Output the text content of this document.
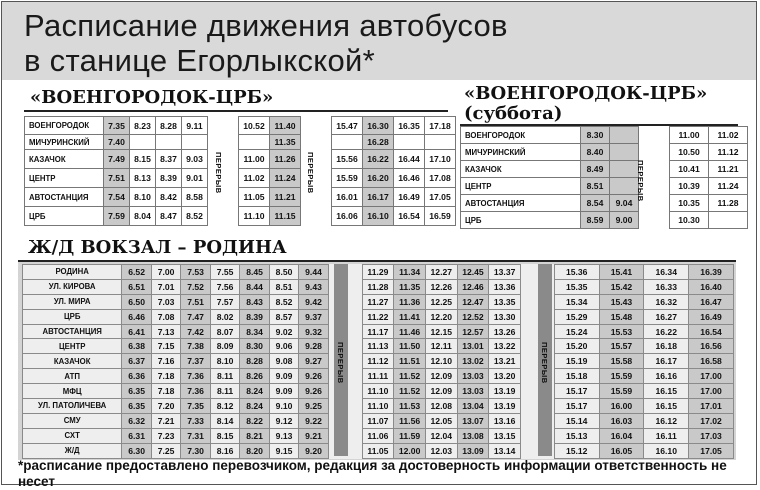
Расписание движения автобусов
в станице Егорлыкской*
«ВОЕНГОРОДОК-ЦРБ»
ВОЕНГОРОДОК	7.35	8.23	8.28	9.11		10.52	11.40		15.47	16.30	16.35	17.18
МИЧУРИНСКИЙ	7.40						11.35			16.28		
КАЗАЧОК	7.49	8.15	8.37	9.03		11.00	11.26		15.56	16.22	16.44	17.10
ЦЕНТР	7.51	8.13	8.39	9.01		11.02	11.24		15.59	16.20	16.46	17.08
АВТОСТАНЦИЯ	7.54	8.10	8.42	8.58		11.05	11.21		16.01	16.17	16.49	17.05
ЦРБ	7.59	8.04	8.47	8.52		11.10	11.15		16.06	16.10	16.54	16.59
«ВОЕНГОРОДОК-ЦРБ»
(суббота)
ВОЕНГОРОДОК	8.30			11.00	11.02
МИЧУРИНСКИЙ	8.40			10.50	11.12
КАЗАЧОК	8.49			10.41	11.21
ЦЕНТР	8.51			10.39	11.24
АВТОСТАНЦИЯ	8.54	9.04		10.35	11.28
ЦРБ	8.59	9.00		10.30	
Ж/Д ВОКЗАЛ – РОДИНА
РОДИНА	6.52	7.00	7.53	7.55	8.45	8.50	9.44		11.29	11.34	12.27	12.45	13.37		15.36	15.41	16.34	16.39
УЛ. КИРОВА	6.51	7.01	7.52	7.56	8.44	8.51	9.43		11.28	11.35	12.26	12.46	13.36		15.35	15.42	16.33	16.40
УЛ. МИРА	6.50	7.03	7.51	7.57	8.43	8.52	9.42		11.27	11.36	12.25	12.47	13.35		15.34	15.43	16.32	16.47
ЦРБ	6.46	7.08	7.47	8.02	8.39	8.57	9.37		11.22	11.41	12.20	12.52	13.30		15.29	15.48	16.27	16.49
АВТОСТАНЦИЯ	6.41	7.13	7.42	8.07	8.34	9.02	9.32		11.17	11.46	12.15	12.57	13.26		15.24	15.53	16.22	16.54
ЦЕНТР	6.38	7.15	7.38	8.09	8.30	9.06	9.28		11.13	11.50	12.11	13.01	13.22		15.20	15.57	16.18	16.56
КАЗАЧОК	6.37	7.16	7.37	8.10	8.28	9.08	9.27		11.12	11.51	12.10	13.02	13.21		15.19	15.58	16.17	16.58
АТП	6.36	7.18	7.36	8.11	8.26	9.09	9.26		11.11	11.52	12.09	13.03	13.20		15.18	15.59	16.16	17.00
МФЦ	6.35	7.18	7.36	8.11	8.24	9.09	9.26		11.10	11.52	12.09	13.03	13.19		15.17	15.59	16.15	17.00
УЛ. ПАТОЛИЧЕВА	6.35	7.20	7.35	8.12	8.24	9.10	9.25		11.10	11.53	12.08	13.04	13.19		15.17	16.00	16.15	17.01
СМУ	6.32	7.21	7.33	8.14	8.22	9.12	9.22		11.07	11.56	12.05	13.07	13.16		15.14	16.03	16.12	17.02
СХТ	6.31	7.23	7.31	8.15	8.21	9.13	9.21		11.06	11.59	12.04	13.08	13.15		15.13	16.04	16.11	17.03
Ж/Д	6.30	7.25	7.30	8.16	8.20	9.15	9.20		11.05	12.00	12.03	13.09	13.14		15.12	16.05	16.10	17.05

*расписание предоставлено перевозчиком, редакция за достоверность информации ответственность не несет

ПЕРЕРЫВ	ПЕРЕРЫВ	ПЕРЕРЫВ
ПЕРЕРЫВ	ПЕРЕРЫВ
